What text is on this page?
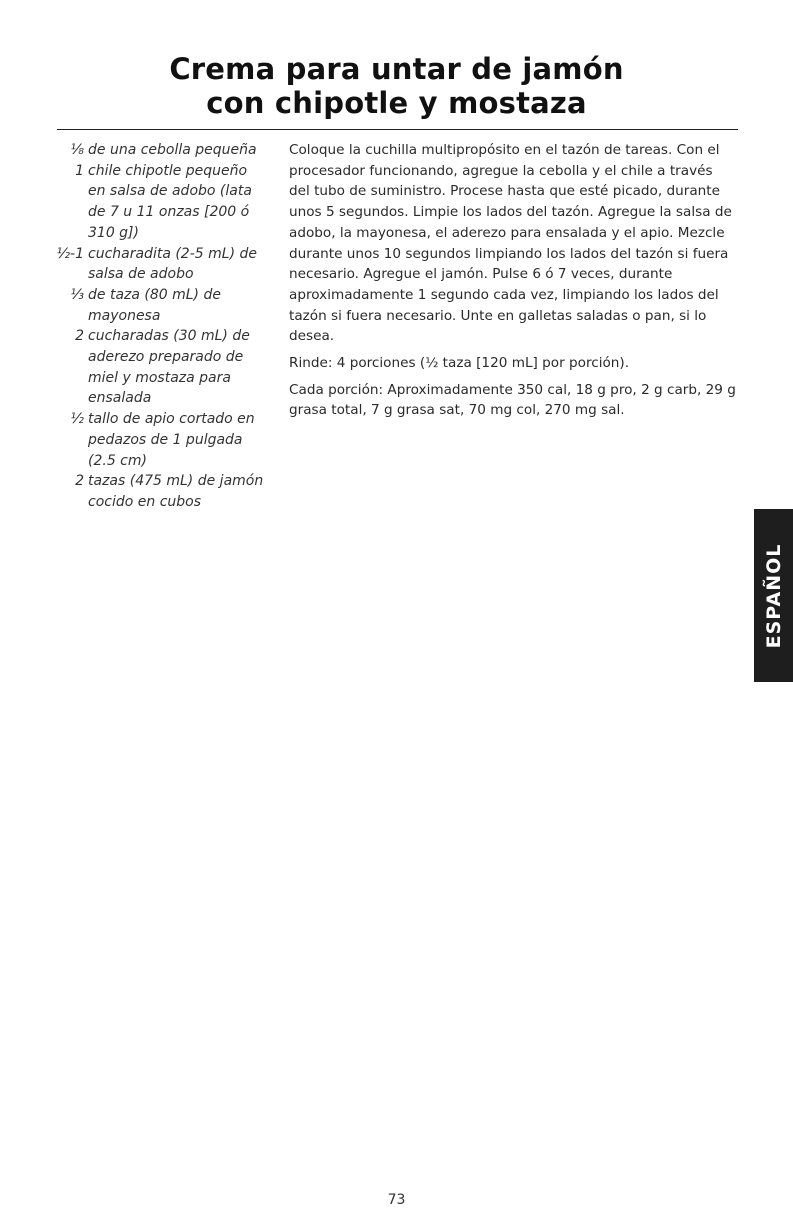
Crema para untar de jamón
con chipotle y mostaza
⅛ de una cebolla pequeña
1 chile chipotle pequeño en salsa de adobo (lata de 7 u 11 onzas [200 ó 310 g])
½-1 cucharadita (2-5 mL) de salsa de adobo
⅓ de taza (80 mL) de mayonesa
2 cucharadas (30 mL) de aderezo preparado de miel y mostaza para ensalada
½ tallo de apio cortado en pedazos de 1 pulgada (2.5 cm)
2 tazas (475 mL) de jamón cocido en cubos

Coloque la cuchilla multipropósito en el tazón de tareas. Con el procesador funcionando, agregue la cebolla y el chile a través del tubo de suministro. Procese hasta que esté picado, durante unos 5 segundos. Limpie los lados del tazón. Agregue la salsa de adobo, la mayonesa, el aderezo para ensalada y el apio. Mezcle durante unos 10 segundos limpiando los lados del tazón si fuera necesario. Agregue el jamón. Pulse 6 ó 7 veces, durante aproximadamente 1 segundo cada vez, limpiando los lados del tazón si fuera necesario. Unte en galletas saladas o pan, si lo desea.

Rinde: 4 porciones (½ taza [120 mL] por porción).

Cada porción: Aproximadamente 350 cal, 18 g pro, 2 g carb, 29 g grasa total, 7 g grasa sat, 70 mg col, 270 mg sal.

ESPAÑOL
73
